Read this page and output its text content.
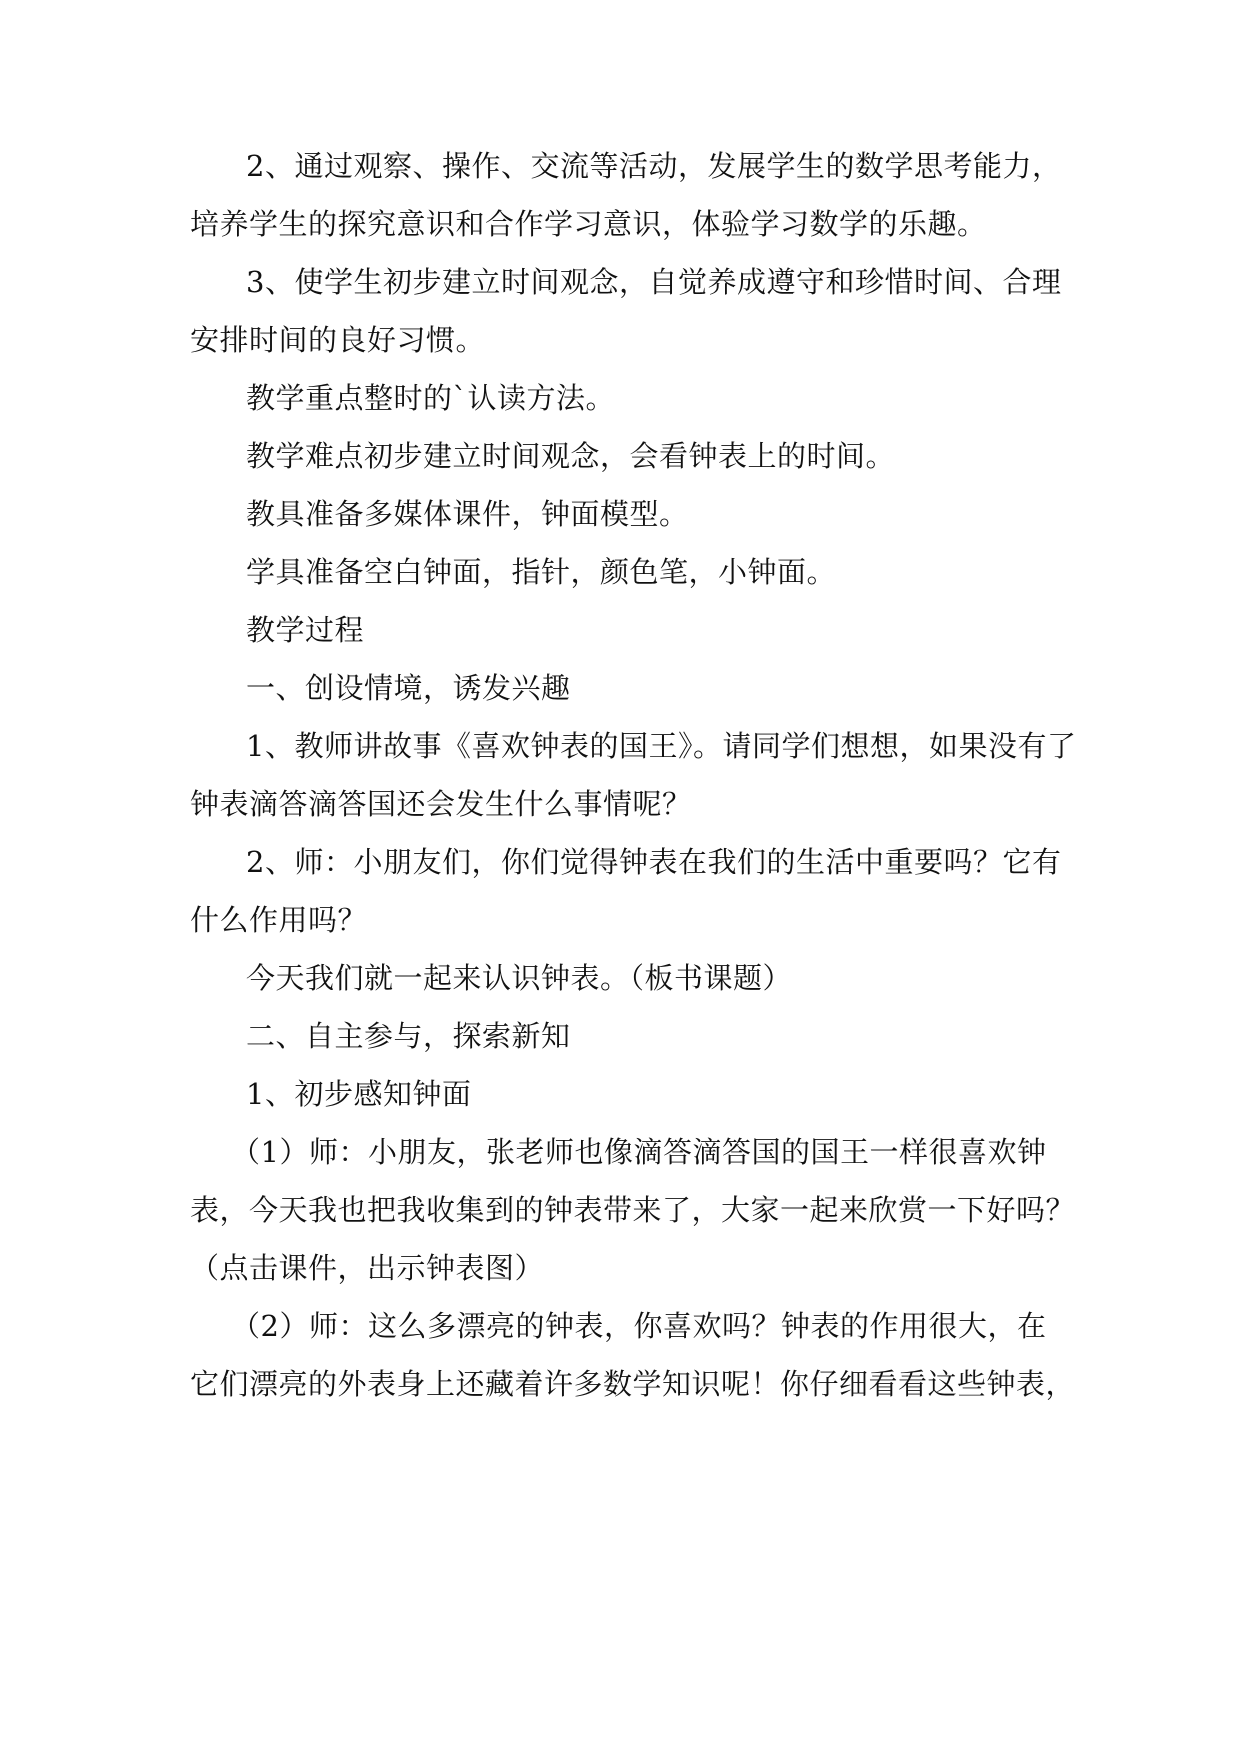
2、通过观察、操作、交流等活动，发展学生的数学思考能力，
培养学生的探究意识和合作学习意识，体验学习数学的乐趣。
3、使学生初步建立时间观念，自觉养成遵守和珍惜时间、合理
安排时间的良好习惯。
教学重点整时的`认读方法。
教学难点初步建立时间观念，会看钟表上的时间。
教具准备多媒体课件，钟面模型。
学具准备空白钟面，指针，颜色笔，小钟面。
教学过程
一、创设情境，诱发兴趣
1、教师讲故事《喜欢钟表的国王》。请同学们想想，如果没有了
钟表滴答滴答国还会发生什么事情呢？
2、师：小朋友们，你们觉得钟表在我们的生活中重要吗？它有
什么作用吗？
今天我们就一起来认识钟表。（板书课题）
二、自主参与，探索新知
1、初步感知钟面
（1）师：小朋友，张老师也像滴答滴答国的国王一样很喜欢钟
表，今天我也把我收集到的钟表带来了，大家一起来欣赏一下好吗？
（点击课件，出示钟表图）
（2）师：这么多漂亮的钟表，你喜欢吗？钟表的作用很大，在
它们漂亮的外表身上还藏着许多数学知识呢！你仔细看看这些钟表，
